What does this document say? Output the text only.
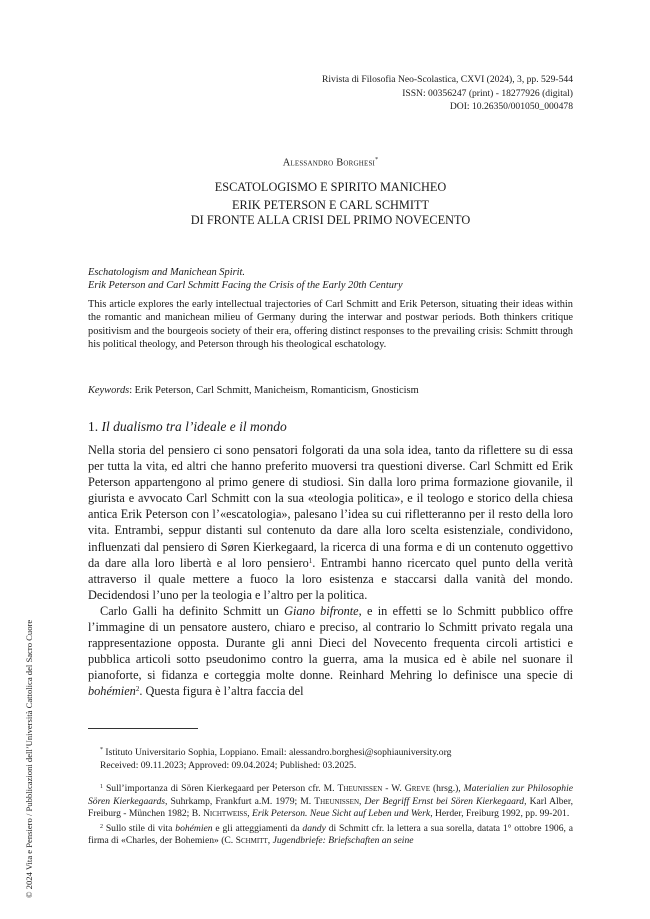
© 2024 Vita e Pensiero / Pubblicazioni dell’Università Cattolica del Sacro Cuore
Rivista di Filosofia Neo-Scolastica, CXVI (2024), 3, pp. 529-544
ISSN: 00356247 (print) - 18277926 (digital)
DOI: 10.26350/001050_000478
Alessandro Borghesi*
ESCATOLOGISMO E SPIRITO MANICHEO
ERIK PETERSON E CARL SCHMITT
DI FRONTE ALLA CRISI DEL PRIMO NOVECENTO
Eschatologism and Manichean Spirit.
Erik Peterson and Carl Schmitt Facing the Crisis of the Early 20th Century
This article explores the early intellectual trajectories of Carl Schmitt and Erik Peterson, situating their ideas within the romantic and manichean milieu of Germany during the interwar and postwar periods. Both thinkers critique positivism and the bourgeois society of their era, offering distinct responses to the prevailing crisis: Schmitt through his political theology, and Peterson through his theological eschatology.
Keywords: Erik Peterson, Carl Schmitt, Manicheism, Romanticism, Gnosticism
1. Il dualismo tra l’ideale e il mondo

Nella storia del pensiero ci sono pensatori folgorati da una sola idea, tanto da riflettere su di essa per tutta la vita, ed altri che hanno preferito muoversi tra questioni diverse. Carl Schmitt ed Erik Peterson appartengono al primo genere di studiosi. Sin dalla loro prima formazione giovanile, il giurista e avvocato Carl Schmitt con la sua «teologia politica», e il teologo e storico della chiesa antica Erik Peterson con l’«escatologia», palesano l’idea su cui rifletteranno per il resto della loro vita. Entrambi, seppur distanti sul contenuto da dare alla loro scelta esistenziale, condividono, influenzati dal pensiero di Søren Kierkegaard, la ricerca di una forma e di un contenuto oggettivo da dare alla loro libertà e al loro pensiero$^1$. Entrambi hanno ricercato quel punto della verità attraverso il quale mettere a fuoco la loro esistenza e staccarsi dalla vanità del mondo. Decidendosi l’uno per la teologia e l’altro per la politica.

Carlo Galli ha definito Schmitt un Giano bifronte, e in effetti se lo Schmitt pubblico offre l’immagine di un pensatore austero, chiaro e preciso, al contrario lo Schmitt privato regala una rappresentazione opposta. Durante gli anni Dieci del Novecento frequenta circoli artistici e pubblica articoli sotto pseudonimo contro la guerra, ama la musica ed è abile nel suonare il pianoforte, si fidanza e corteggia molte donne. Reinhard Mehring lo definisce una specie di bohémien$^2$. Questa figura è l’altra faccia del

* Istituto Universitario Sophia, Loppiano. Email: alessandro.borghesi@sophiauniversity.org
Received: 09.11.2023; Approved: 09.04.2024; Published: 03.2025.

$^1$ Sull’importanza di Sören Kierkegaard per Peterson cfr. M. Theunissen - W. Greve (hrsg.), Materialien zur Philosophie Sören Kierkegaards, Suhrkamp, Frankfurt a.M. 1979; M. Theunissen, Der Begriff Ernst bei Sören Kierkegaard, Karl Alber, Freiburg - München 1982; B. Nichtweiss, Erik Peterson. Neue Sicht auf Leben und Werk, Herder, Freiburg 1992, pp. 99-201.

$^2$ Sullo stile di vita bohémien e gli atteggiamenti da dandy di Schmitt cfr. la lettera a sua sorella, datata 1° ottobre 1906, a firma di «Charles, der Bohemien» (C. Schmitt, Jugendbriefe: Briefschaften an seine
